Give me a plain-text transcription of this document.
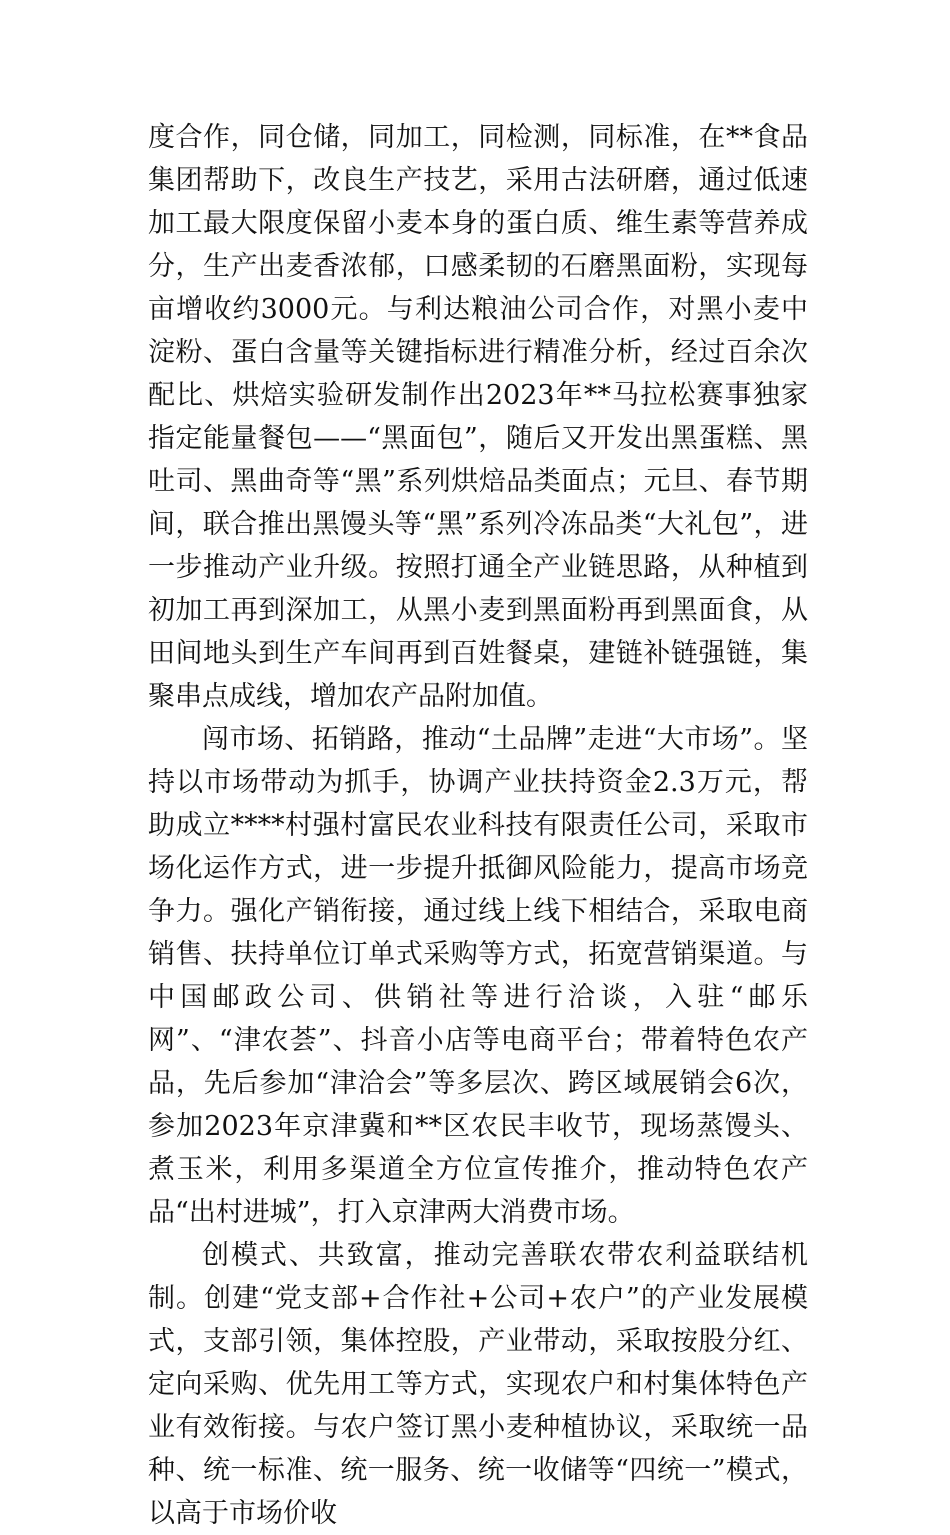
度合作，同仓储，同加工，同检测，同标准，在**食品集团帮助下，改良生产技艺，采用古法研磨，通过低速加工最大限度保留小麦本身的蛋白质、维生素等营养成分，生产出麦香浓郁，口感柔韧的石磨黑面粉，实现每亩增收约3000元。与利达粮油公司合作，对黑小麦中淀粉、蛋白含量等关键指标进行精准分析，经过百余次配比、烘焙实验研发制作出2023年**马拉松赛事独家指定能量餐包——“黑面包”，随后又开发出黑蛋糕、黑吐司、黑曲奇等“黑”系列烘焙品类面点；元旦、春节期间，联合推出黑馒头等“黑”系列冷冻品类“大礼包”，进一步推动产业升级。按照打通全产业链思路，从种植到初加工再到深加工，从黑小麦到黑面粉再到黑面食，从田间地头到生产车间再到百姓餐桌，建链补链强链，集聚串点成线，增加农产品附加值。

闯市场、拓销路，推动“土品牌”走进“大市场”。坚持以市场带动为抓手，协调产业扶持资金2.3万元，帮助成立****村强村富民农业科技有限责任公司，采取市场化运作方式，进一步提升抵御风险能力，提高市场竞争力。强化产销衔接，通过线上线下相结合，采取电商销售、扶持单位订单式采购等方式，拓宽营销渠道。与中国邮政公司、供销社等进行洽谈，入驻“邮乐网”、“津农荟”、抖音小店等电商平台；带着特色农产品，先后参加“津洽会”等多层次、跨区域展销会6次，参加2023年京津冀和**区农民丰收节，现场蒸馒头、煮玉米，利用多渠道全方位宣传推介，推动特色农产品“出村进城”，打入京津两大消费市场。

创模式、共致富，推动完善联农带农利益联结机制。创建“党支部+合作社+公司+农户”的产业发展模式，支部引领，集体控股，产业带动，采取按股分红、定向采购、优先用工等方式，实现农户和村集体特色产业有效衔接。与农户签订黑小麦种植协议，采取统一品种、统一标准、统一服务、统一收储等“四统一”模式，以高于市场价收
